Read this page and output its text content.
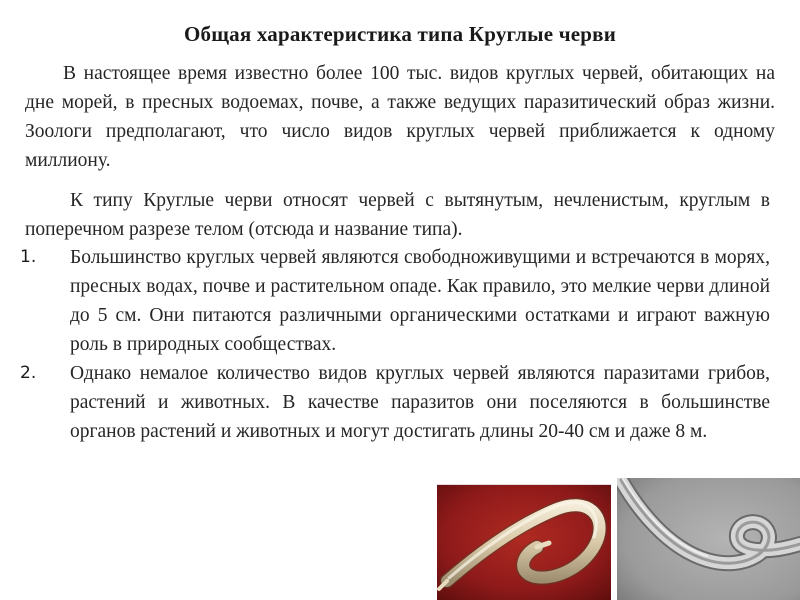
Общая характеристика типа Круглые черви

В настоящее время известно более 100 тыс. видов круглых червей, обитающих на дне морей, в пресных водоемах, почве, а также ведущих паразитический образ жизни. Зоологи предполагают, что число видов круглых червей приближается к одному миллиону.

К типу Круглые черви относят червей с вытянутым, нечленистым, круглым в поперечном разрезе телом (отсюда и название типа).

1. Большинство круглых червей являются свободноживущими и встречаются в морях, пресных водах, почве и растительном опаде. Как правило, это мелкие черви длиной до 5 см. Они питаются различными органическими остатками и играют важную роль в природных сообществах.
2. Однако немалое количество видов круглых червей являются паразитами грибов, растений и животных. В качестве паразитов они поселяются в большинстве органов растений и животных и могут достигать длины 20-40 см и даже 8 м.
